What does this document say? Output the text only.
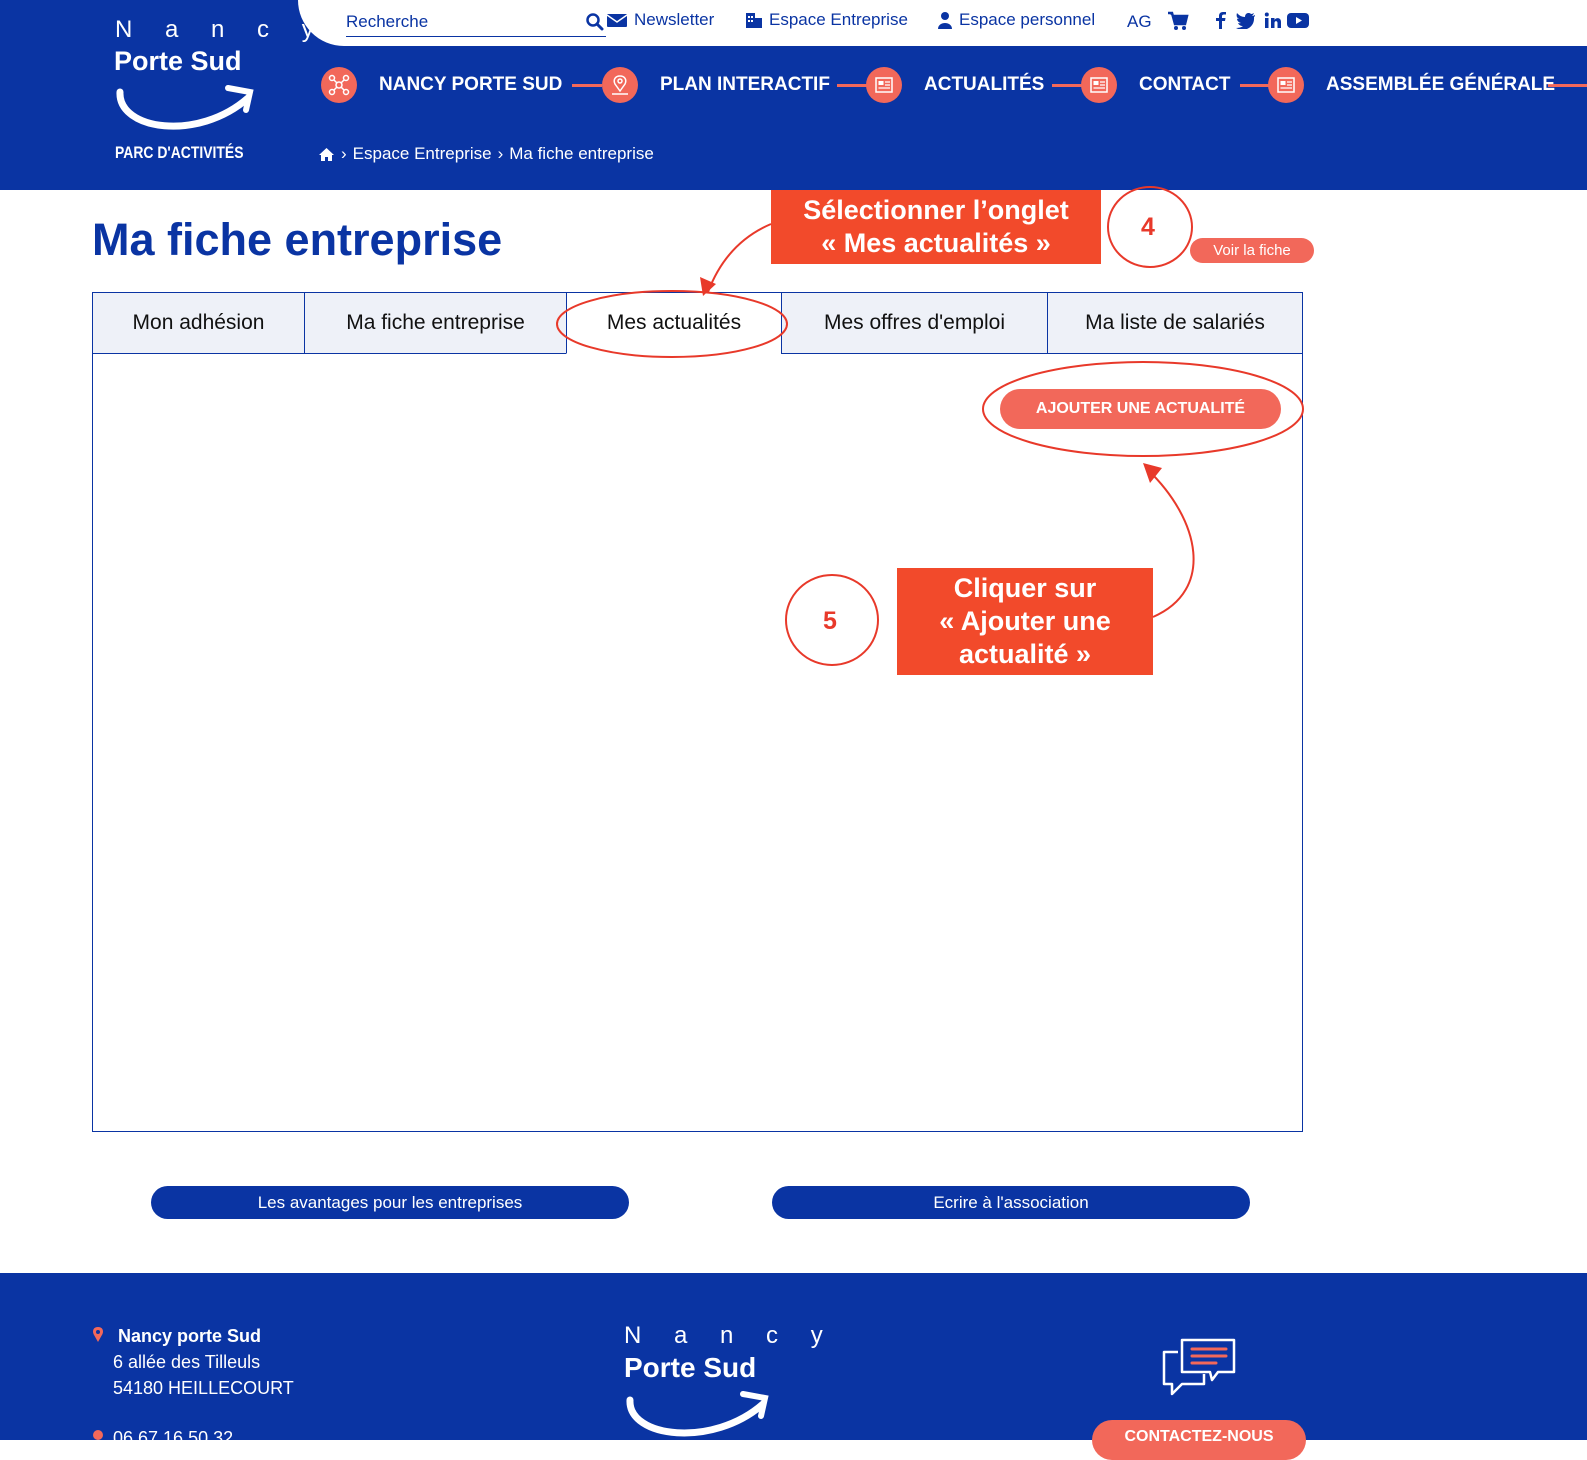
N a n c y
Porte Sud
PARC D'ACTIVITÉS
Recherche
Newsletter	Espace Entreprise	Espace personnel AG
NANCY PORTE SUD	PLAN INTERACTIF	ACTUALITÉS	CONTACT	ASSEMBLÉE GÉNÉRALE
› Espace Entreprise › Ma fiche entreprise
Ma fiche entreprise	Voir la fiche
Mon adhésion	Ma fiche entreprise	Mes actualités	Mes offres d'emploi	Ma liste de salariés
AJOUTER UNE ACTUALITÉ
Sélectionner l’onglet
« Mes actualités »
4
Cliquer sur
« Ajouter une
actualité »
5
Les avantages pour les entreprises	Ecrire à l'association
Nancy porte Sud
6 allée des Tilleuls
54180 HEILLECOURT
06 67 16 50 32
N a n c y
Porte Sud
CONTACTEZ-NOUS
